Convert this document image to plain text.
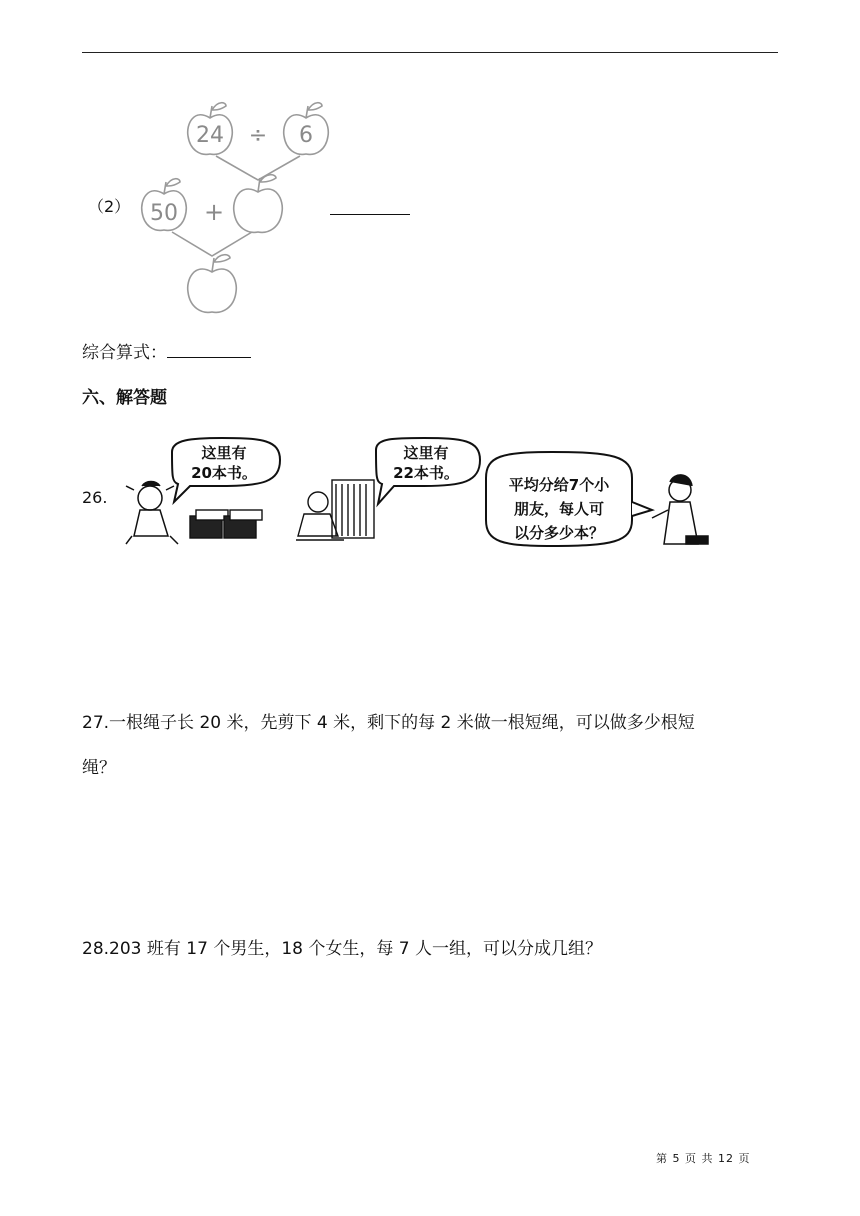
（2）
24 ÷ 6
50 +
综合算式：
六、解答题
26.
这里有
20本书。
这里有
22本书。
平均分给7个小
朋友，每人可
以分多少本？
27.一根绳子长 20 米，先剪下 4 米，剩下的每 2 米做一根短绳，可以做多少根短
绳？
28.203 班有 17 个男生，18 个女生，每 7 人一组，可以分成几组？
第 5 页 共 12 页
